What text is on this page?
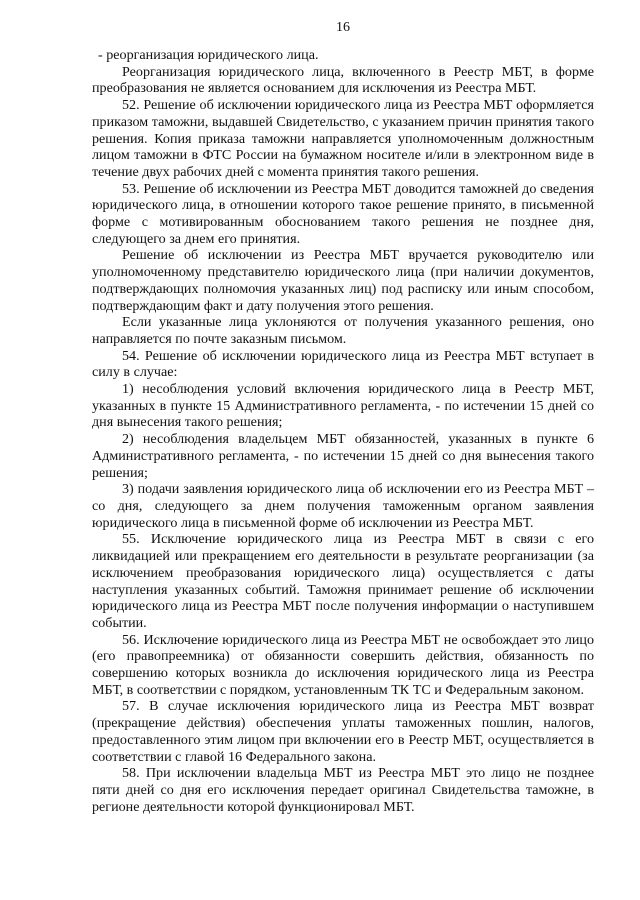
16

- реорганизация юридического лица.

Реорганизация юридического лица, включенного в Реестр МБТ, в форме преобразования не является основанием для исключения из Реестра МБТ.

52. Решение об исключении юридического лица из Реестра МБТ оформляется приказом таможни, выдавшей Свидетельство, с указанием причин принятия такого решения. Копия приказа таможни направляется уполномоченным должностным лицом таможни в ФТС России на бумажном носителе и/или в электронном виде в течение двух рабочих дней с момента принятия такого решения.

53. Решение об исключении из Реестра МБТ доводится таможней до сведения юридического лица, в отношении которого такое решение принято, в письменной форме с мотивированным обоснованием такого решения не позднее дня, следующего за днем его принятия.

Решение об исключении из Реестра МБТ вручается руководителю или уполномоченному представителю юридического лица (при наличии документов, подтверждающих полномочия указанных лиц) под расписку или иным способом, подтверждающим факт и дату получения этого решения.

Если указанные лица уклоняются от получения указанного решения, оно направляется по почте заказным письмом.

54. Решение об исключении юридического лица из Реестра МБТ вступает в силу в случае:

1) несоблюдения условий включения юридического лица в Реестр МБТ, указанных в пункте 15 Административного регламента, - по истечении 15 дней со дня вынесения такого решения;

2) несоблюдения владельцем МБТ обязанностей, указанных в пункте 6 Административного регламента, - по истечении 15 дней со дня вынесения такого решения;

3) подачи заявления юридического лица об исключении его из Реестра МБТ – со дня, следующего за днем получения таможенным органом заявления юридического лица в письменной форме об исключении из Реестра МБТ.

55. Исключение юридического лица из Реестра МБТ в связи с его ликвидацией или прекращением его деятельности в результате реорганизации (за исключением преобразования юридического лица) осуществляется с даты наступления указанных событий. Таможня принимает решение об исключении юридического лица из Реестра МБТ после получения информации о наступившем событии.

56. Исключение юридического лица из Реестра МБТ не освобождает это лицо (его правопреемника) от обязанности совершить действия, обязанность по совершению которых возникла до исключения юридического лица из Реестра МБТ, в соответствии с порядком, установленным ТК ТС и Федеральным законом.

57. В случае исключения юридического лица из Реестра МБТ возврат (прекращение действия) обеспечения уплаты таможенных пошлин, налогов, предоставленного этим лицом при включении его в Реестр МБТ, осуществляется в соответствии с главой 16 Федерального закона.

58. При исключении владельца МБТ из Реестра МБТ это лицо не позднее пяти дней со дня его исключения передает оригинал Свидетельства таможне, в регионе деятельности которой функционировал МБТ.
